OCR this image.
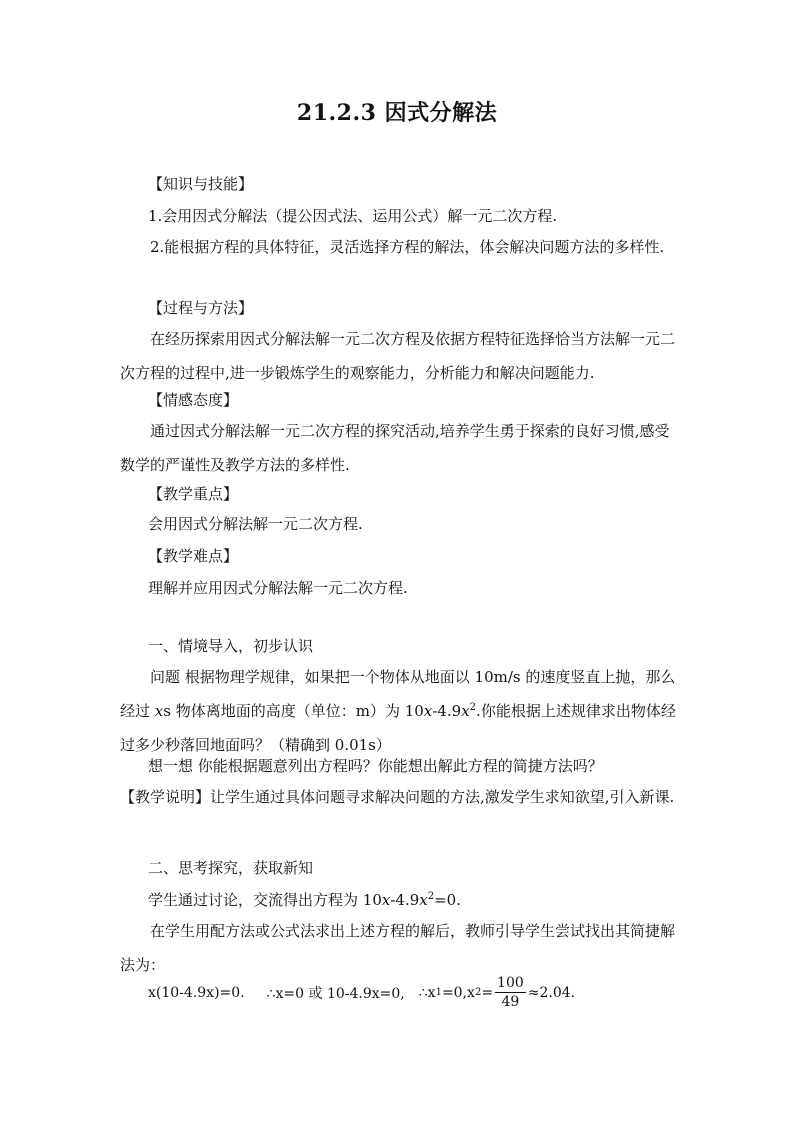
21.2.3 因式分解法
【知识与技能】
1.会用因式分解法（提公因式法、运用公式）解一元二次方程.
2.能根据方程的具体特征，灵活选择方程的解法，体会解决问题方法的多样性.
【过程与方法】
在经历探索用因式分解法解一元二次方程及依据方程特征选择恰当方法解一元二次方程的过程中,进一步锻炼学生的观察能力，分析能力和解决问题能力.
【情感态度】
通过因式分解法解一元二次方程的探究活动,培养学生勇于探索的良好习惯,感受数学的严谨性及教学方法的多样性.
【教学重点】
会用因式分解法解一元二次方程.
【教学难点】
理解并应用因式分解法解一元二次方程.
一、情境导入，初步认识
问题 根据物理学规律，如果把一个物体从地面以 10m/s 的速度竖直上抛，那么经过 xs 物体离地面的高度（单位：m）为 $10x-4.9x^2$.你能根据上述规律求出物体经过多少秒落回地面吗？（精确到 0.01s）
想一想 你能根据题意列出方程吗？你能想出解此方程的简捷方法吗？
【教学说明】让学生通过具体问题寻求解决问题的方法,激发学生求知欲望,引入新课.
二、思考探究，获取新知
学生通过讨论，交流得出方程为 $10x-4.9x^2=0$.
在学生用配方法或公式法求出上述方程的解后，教师引导学生尝试找出其简捷解法为：
x(10-4.9x)=0. ∴x=0 或 10-4.9x=0, ∴x 1 =0,x $2 = \frac{100}{49} \approx 2.04$.
